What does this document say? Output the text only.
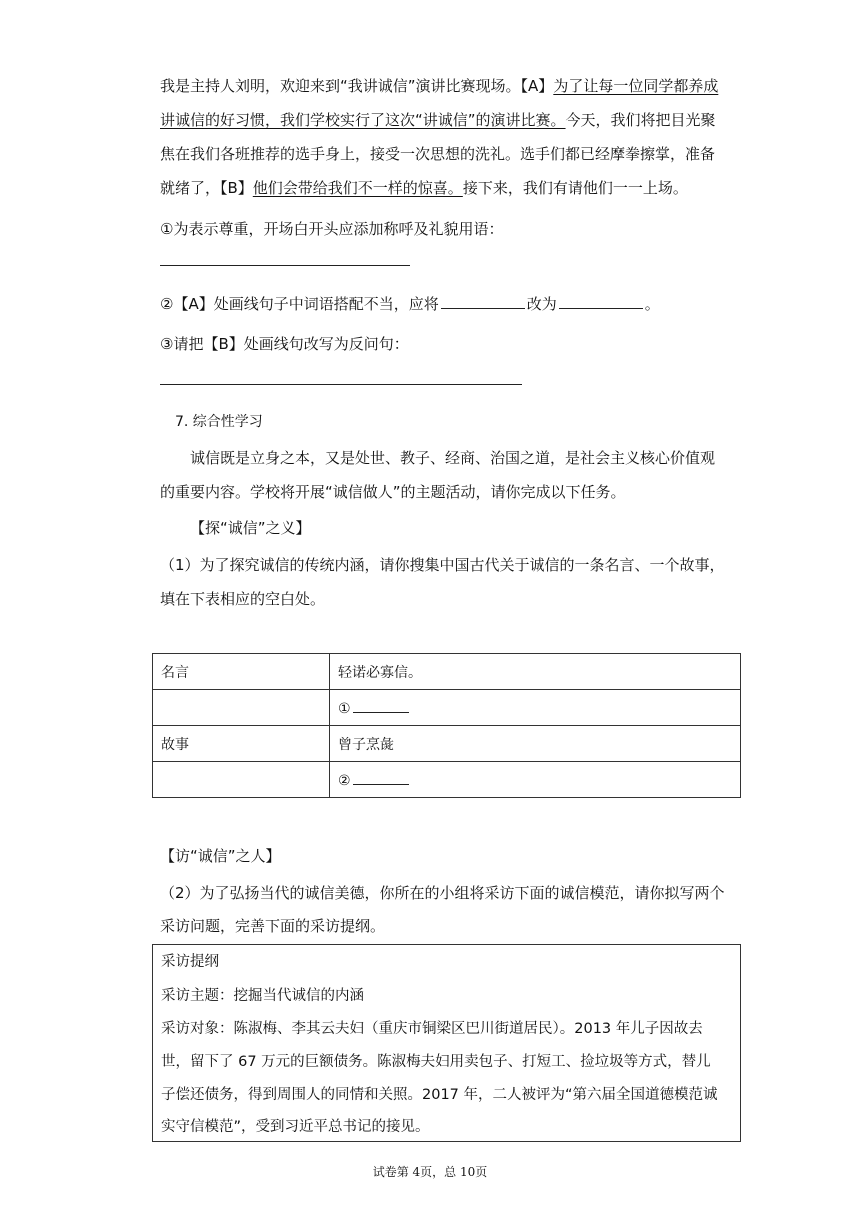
我是主持人刘明，欢迎来到“我讲诚信”演讲比赛现场。【A】为了让每一位同学都养成
讲诚信的好习惯，我们学校实行了这次“讲诚信”的演讲比赛。今天，我们将把目光聚
焦在我们各班推荐的选手身上，接受一次思想的洗礼。选手们都已经摩拳擦掌，准备
就绪了，【B】他们会带给我们不一样的惊喜。接下来，我们有请他们一一上场。
①为表示尊重，开场白开头应添加称呼及礼貌用语：
②【A】处画线句子中词语搭配不当，应将	改为	。
③请把【B】处画线句改写为反问句：
7. 综合性学习
诚信既是立身之本，又是处世、教子、经商、治国之道，是社会主义核心价值观
的重要内容。学校将开展“诚信做人”的主题活动，请你完成以下任务。
【探“诚信”之义】
（1）为了探究诚信的传统内涵，请你搜集中国古代关于诚信的一条名言、一个故事，
填在下表相应的空白处。
名言	轻诺必寡信。
	①
故事	曾子烹彘
	②
【访“诚信”之人】
（2）为了弘扬当代的诚信美德，你所在的小组将采访下面的诚信模范，请你拟写两个
采访问题，完善下面的采访提纲。
采访提纲
采访主题：挖掘当代诚信的内涵
采访对象：陈淑梅、李其云夫妇（重庆市铜梁区巴川街道居民）。2013 年儿子因故去
世，留下了 67 万元的巨额债务。陈淑梅夫妇用卖包子、打短工、捡垃圾等方式，替儿
子偿还债务，得到周围人的同情和关照。2017 年，二人被评为“第六届全国道德模范诚
实守信模范”，受到习近平总书记的接见。
试卷第 4页，总 10页
